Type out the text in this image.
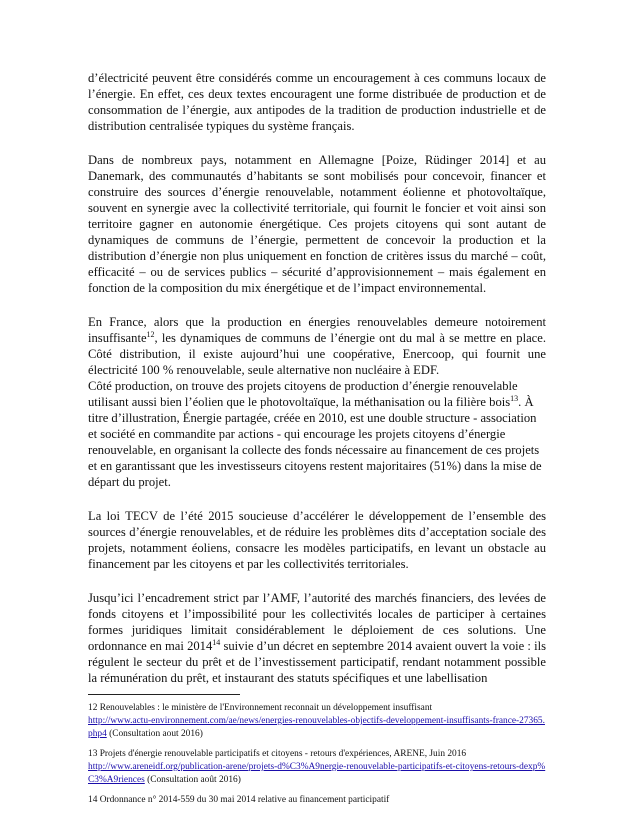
d’électricité peuvent être considérés comme un encouragement à ces communs locaux de l’énergie. En effet, ces deux textes encouragent une forme distribuée de production et de consommation de l’énergie, aux antipodes de la tradition de production industrielle et de distribution centralisée typiques du système français.

Dans de nombreux pays, notamment en Allemagne [Poize, Rüdinger 2014] et au Danemark, des communautés d’habitants se sont mobilisés pour concevoir, financer et construire des sources d’énergie renouvelable, notamment éolienne et photovoltaïque, souvent en synergie avec la collectivité territoriale, qui fournit le foncier et voit ainsi son territoire gagner en autonomie énergétique. Ces projets citoyens qui sont autant de dynamiques de communs de l’énergie, permettent de concevoir la production et la distribution d’énergie non plus uniquement en fonction de critères issus du marché – coût, efficacité – ou de services publics – sécurité d’approvisionnement – mais également en fonction de la composition du mix énergétique et de l’impact environnemental.

En France, alors que la production en énergies renouvelables demeure notoirement insuffisante$^{12}$, les dynamiques de communs de l’énergie ont du mal à se mettre en place. Côté distribution, il existe aujourd’hui une coopérative, Enercoop, qui fournit une électricité 100 % renouvelable, seule alternative non nucléaire à EDF.

Côté production, on trouve des projets citoyens de production d’énergie renouvelable utilisant aussi bien l’éolien que le photovoltaïque, la méthanisation ou la filière bois$^{13}$. À titre d’illustration, Énergie partagée, créée en 2010, est une double structure - association et société en commandite par actions - qui encourage les projets citoyens d’énergie renouvelable, en organisant la collecte des fonds nécessaire au financement de ces projets et en garantissant que les investisseurs citoyens restent majoritaires (51%) dans la mise de départ du projet.

La loi TECV de l’été 2015 soucieuse d’accélérer le développement de l’ensemble des sources d’énergie renouvelables, et de réduire les problèmes dits d’acceptation sociale des projets, notamment éoliens, consacre les modèles participatifs, en levant un obstacle au financement par les citoyens et par les collectivités territoriales.

Jusqu’ici l’encadrement strict par l’AMF, l’autorité des marchés financiers, des levées de fonds citoyens et l’impossibilité pour les collectivités locales de participer à certaines formes juridiques limitait considérablement le déploiement de ces solutions. Une ordonnance en mai 2014$^{14}$ suivie d’un décret en septembre 2014 avaient ouvert la voie : ils régulent le secteur du prêt et de l’investissement participatif, rendant notamment possible la rémunération du prêt, et instaurant des statuts spécifiques et une labellisation

12 Renouvelables : le ministère de l'Environnement reconnait un développement insuffisant
http://www.actu-environnement.com/ae/news/energies-renouvelables-objectifs-developpement-insuffisants-france-27365.php4 (Consultation aout 2016)

13 Projets d'énergie renouvelable participatifs et citoyens - retours d'expériences, ARENE, Juin 2016
http://www.areneidf.org/publication-arene/projets-d%C3%A9nergie-renouvelable-participatifs-et-citoyens-retours-dexp%C3%A9riences (Consultation août 2016)

14 Ordonnance n° 2014-559 du 30 mai 2014 relative au financement participatif
